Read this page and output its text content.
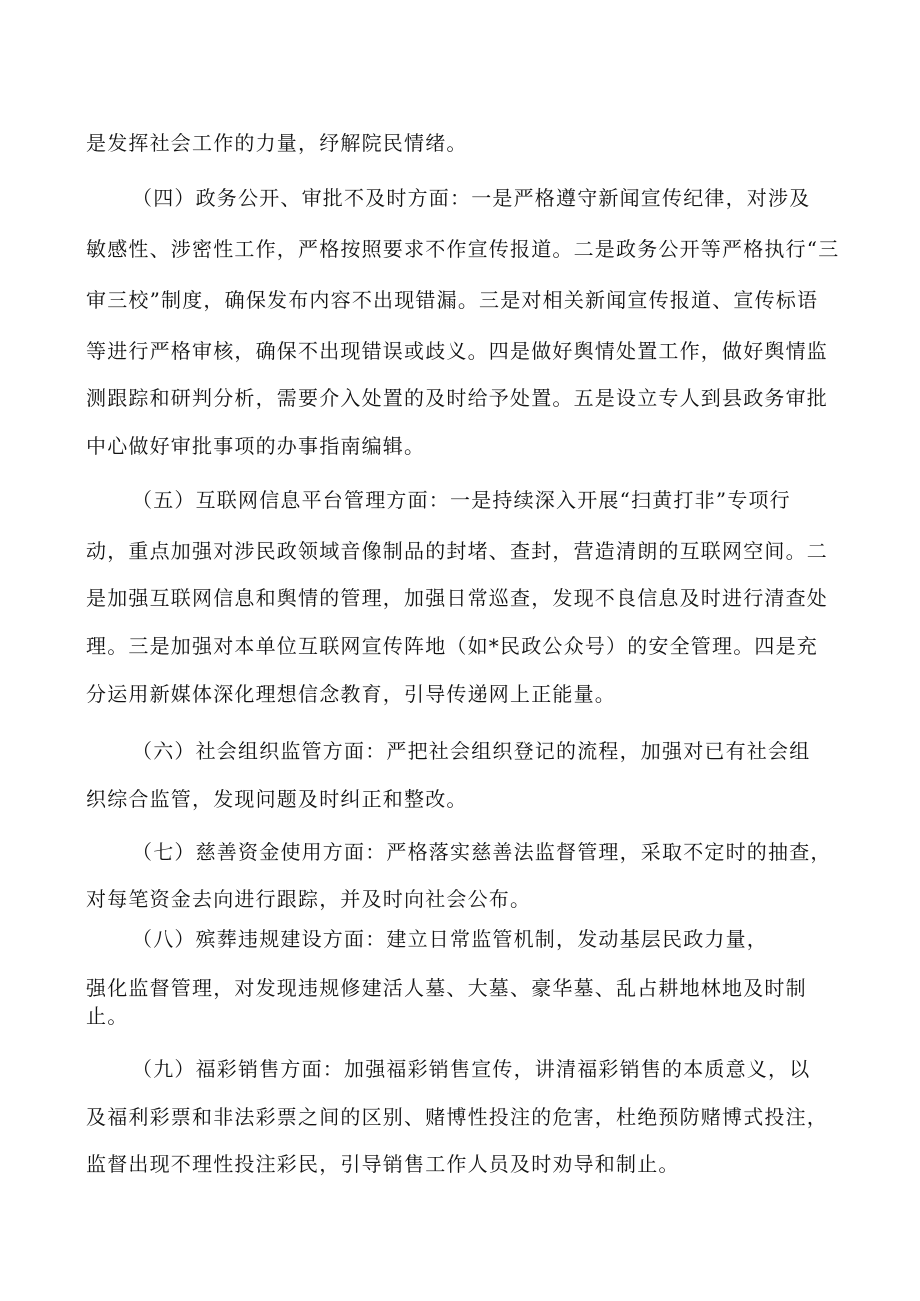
是发挥社会工作的力量，纾解院民情绪。
（四）政务公开、审批不及时方面：一是严格遵守新闻宣传纪律，对涉及
敏感性、涉密性工作，严格按照要求不作宣传报道。二是政务公开等严格执行“三
审三校”制度，确保发布内容不出现错漏。三是对相关新闻宣传报道、宣传标语
等进行严格审核，确保不出现错误或歧义。四是做好舆情处置工作，做好舆情监
测跟踪和研判分析，需要介入处置的及时给予处置。五是设立专人到县政务审批
中心做好审批事项的办事指南编辑。
（五）互联网信息平台管理方面：一是持续深入开展“扫黄打非”专项行
动，重点加强对涉民政领域音像制品的封堵、查封，营造清朗的互联网空间。二
是加强互联网信息和舆情的管理，加强日常巡查，发现不良信息及时进行清查处
理。三是加强对本单位互联网宣传阵地（如*民政公众号）的安全管理。四是充
分运用新媒体深化理想信念教育，引导传递网上正能量。
（六）社会组织监管方面：严把社会组织登记的流程，加强对已有社会组
织综合监管，发现问题及时纠正和整改。
（七）慈善资金使用方面：严格落实慈善法监督管理，采取不定时的抽查，
对每笔资金去向进行跟踪，并及时向社会公布。
（八）殡葬违规建设方面：建立日常监管机制，发动基层民政力量，
强化监督管理，对发现违规修建活人墓、大墓、豪华墓、乱占耕地林地及时制
止。
（九）福彩销售方面：加强福彩销售宣传，讲清福彩销售的本质意义，以
及福利彩票和非法彩票之间的区别、赌博性投注的危害，杜绝预防赌博式投注，
监督出现不理性投注彩民，引导销售工作人员及时劝导和制止。
